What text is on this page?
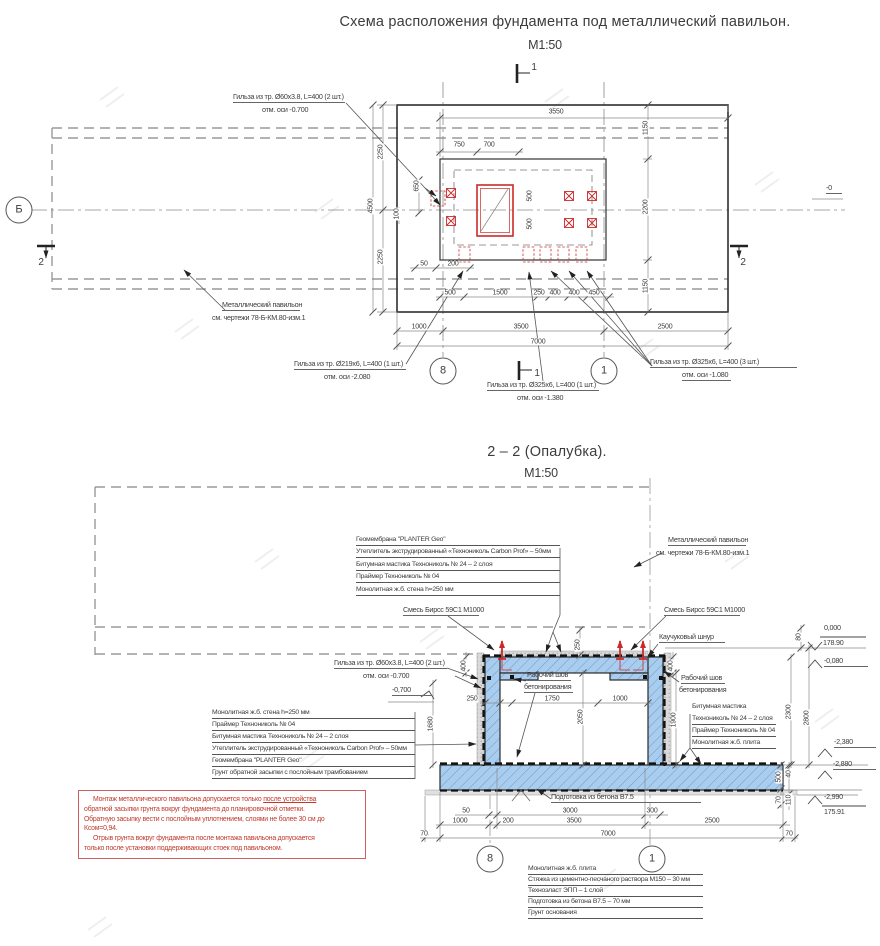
Схема расположения фундамента под металлический павильон.
М1:50
1
1
2	2
Б
8	1
Гильза из тр. Ø60х3.8, L=400 (2 шт.)
отм. оси -0.700
Металлический павильон
см. чертежи 78-Б-КМ.80-изм.1
Гильза из тр. Ø219х6, L=400 (1 шт.)
отм. оси -2.080
Гильза из тр. Ø325х6, L=400 (1 шт.)
отм. оси -1.380
Гильза из тр. Ø325х6, L=400 (3 шт.)
отм. оси -1.080
-0
3550
750	700
2250
650
4500
100
2250
1150
2200
1150
500
500
50	200
500	1500	250 400 400 450
1000	3500	2500
7000
2 – 2 (Опалубка).
М1:50
Геомембрана "PLANTER Geo"
Утеплитель экструдированный «Технониколь Carbon Prof» – 50мм
Битумная мастика Технониколь № 24 – 2 слоя
Праймер Технониколь № 04
Монолитная ж.б. стена h=250 мм
Металлический павильон
см. чертежи 78-Б-КМ.80-изм.1
Смесь Бирсс 59С1 М1000	Смесь Бирсс 59С1 М1000
Каучуковый шнур
Гильза из тр. Ø60х3.8, L=400 (2 шт.)
отм. оси -0.700
-0,700
Рабочий шов
бетонирования
Рабочий шов
бетонирования
Монолитная ж.б. стена h=250 мм
Праймер Технониколь № 04
Битумная мастика Технониколь № 24 – 2 слоя
Утеплитель экструдированный «Технониколь Carbon Prof» – 50мм
Геомембрана "PLANTER Geo"
Грунт обратной засыпки с послойным трамбованием
Битумная мастика
Технониколь № 24 – 2 слоя
Праймер Технониколь № 04
Монолитная ж.б. плита
250
400	400
250	1750	1000
2050	1900
1680
2300 2800
80
500 40
70 110
0,000
178.90
-0,080
-2,380
-2,880
-2,990
175.91
Подготовка из бетона В7.5
50	3000	300
1000	200	3500	2500
70	7000	70
8	1
Монолитная ж.б. плита
Стяжка из цементно-песчаного раствора М150 – 30 мм
Техноэласт ЭПП – 1 слой
Подготовка из бетона В7.5 – 70 мм
Грунт основания
Монтаж металлического павильона допускается только после устройства
обратной засыпки грунта вокруг фундамента до планировочной отметки.
Обратную засыпку вести с послойным уплотнением, слоями не более 30 см до
Ксом=0,94.
Отрыв грунта вокруг фундамента после монтажа павильона допускается
только после установки поддерживающих стоек под павильоном.
